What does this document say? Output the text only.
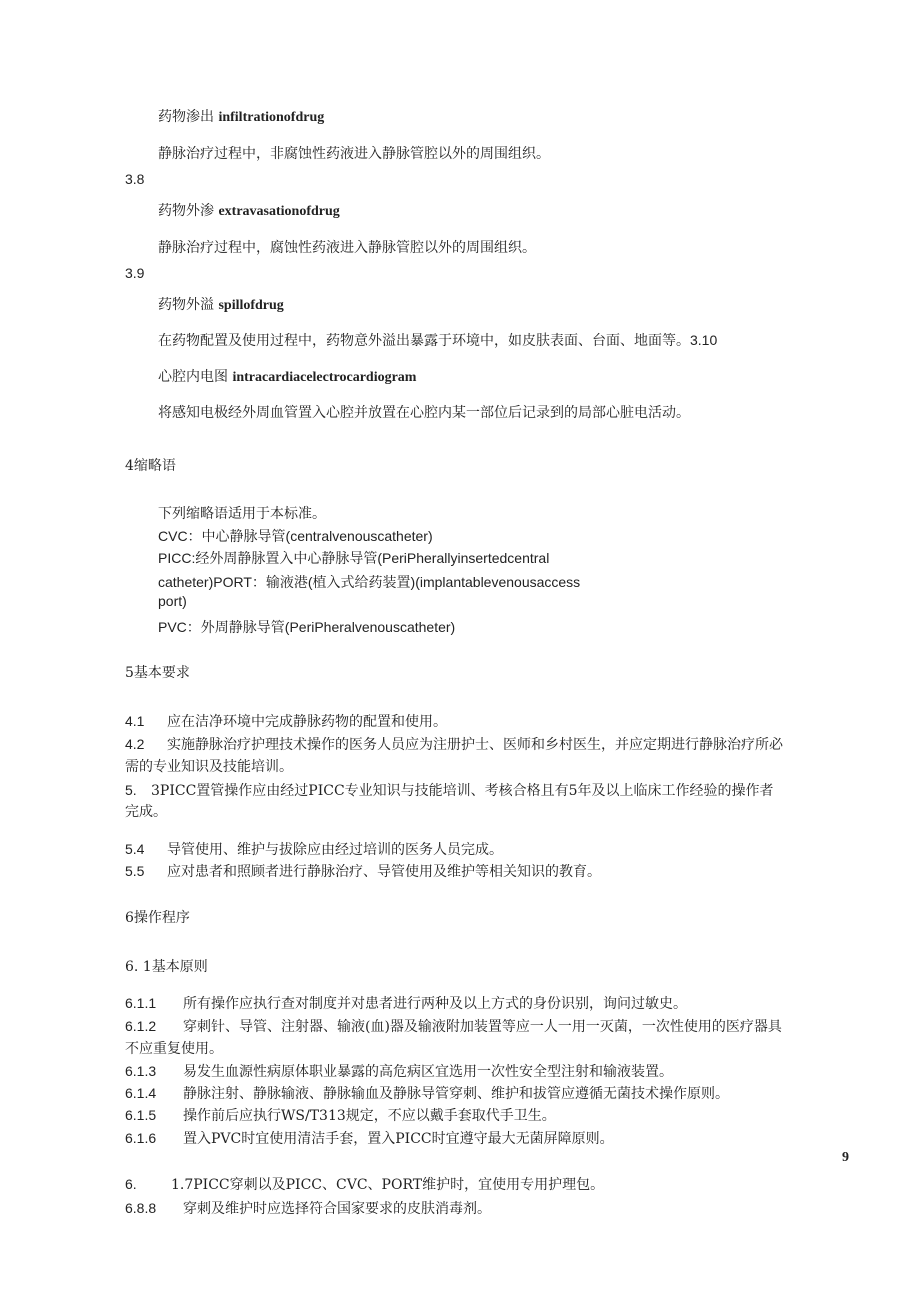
药物渗出 infiltrationofdrug
静脉治疗过程中，非腐蚀性药液进入静脉管腔以外的周围组织。
3.8
药物外渗 extravasationofdrug
静脉治疗过程中，腐蚀性药液进入静脉管腔以外的周围组织。
3.9
药物外溢 spillofdrug
在药物配置及使用过程中，药物意外溢出暴露于环境中，如皮肤表面、台面、地面等。3.10
心腔内电图 intracardiacelectrocardiogram
将感知电极经外周血管置入心腔并放置在心腔内某一部位后记录到的局部心脏电活动。
4缩略语
下列缩略语适用于本标准。
CVC：中心静脉导管(centralvenouscatheter)
PICC:经外周静脉置入中心静脉导管(PeriPherallyinsertedcentral
catheter)PORT：输液港(植入式给药装置)(implantablevenousaccess
port)
PVC：外周静脉导管(PeriPheralvenouscatheter)
5基本要求
4.1 应在洁净环境中完成静脉药物的配置和使用。
4.2 实施静脉治疗护理技术操作的医务人员应为注册护士、医师和乡村医生，并应定期进行静脉治疗所必
需的专业知识及技能培训。
5. 3PICC置管操作应由经过PICC专业知识与技能培训、考核合格且有5年及以上临床工作经验的操作者
完成。
5.4 导管使用、维护与拔除应由经过培训的医务人员完成。
5.5 应对患者和照顾者进行静脉治疗、导管使用及维护等相关知识的教育。
6操作程序
6. 1基本原则
6.1.1 所有操作应执行查对制度并对患者进行两种及以上方式的身份识别，询问过敏史。
6.1.2 穿刺针、导管、注射器、输液(血)器及输液附加装置等应一人一用一灭菌，一次性使用的医疗器具
不应重复使用。
6.1.3 易发生血源性病原体职业暴露的高危病区宜选用一次性安全型注射和输液装置。
6.1.4 静脉注射、静脉输液、静脉输血及静脉导管穿刺、维护和拔管应遵循无菌技术操作原则。
6.1.5 操作前后应执行WS/T313规定，不应以戴手套取代手卫生。
6.1.6 置入PVC时宜使用清洁手套，置入PICC时宜遵守最大无菌屏障原则。
9
6. 1.7PICC穿刺以及PICC、CVC、PORT维护时，宜使用专用护理包。
6.8.8 穿刺及维护时应选择符合国家要求的皮肤消毒剂。
